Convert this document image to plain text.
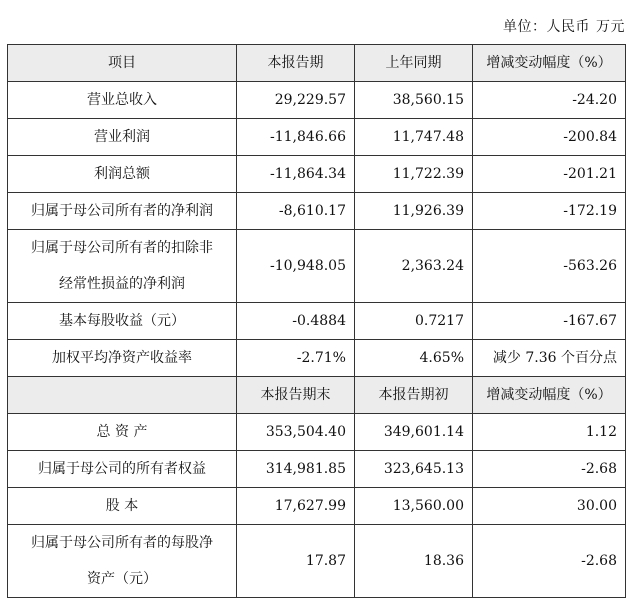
单位：人民币 万元
项目	本报告期	上年同期	增减变动幅度（%）
营业总收入	29,229.57	38,560.15	-24.20
营业利润	-11,846.66	11,747.48	-200.84
利润总额	-11,864.34	11,722.39	-201.21
归属于母公司所有者的净利润	-8,610.17	11,926.39	-172.19

归属于母公司所有者的扣除非
经常性损益的净利润	-10,948.05	2,363.24	-563.26
基本每股收益（元）	-0.4884	0.7217	-167.67
加权平均净资产收益率	-2.71%	4.65%	减少 7.36 个百分点
	本报告期末	本报告期初	增减变动幅度（%）
总 资 产	353,504.40	349,601.14	1.12
归属于母公司的所有者权益	314,981.85	323,645.13	-2.68
股 本	17,627.99	13,560.00	30.00

归属于母公司所有者的每股净
资产（元）	17.87	18.36	-2.68
